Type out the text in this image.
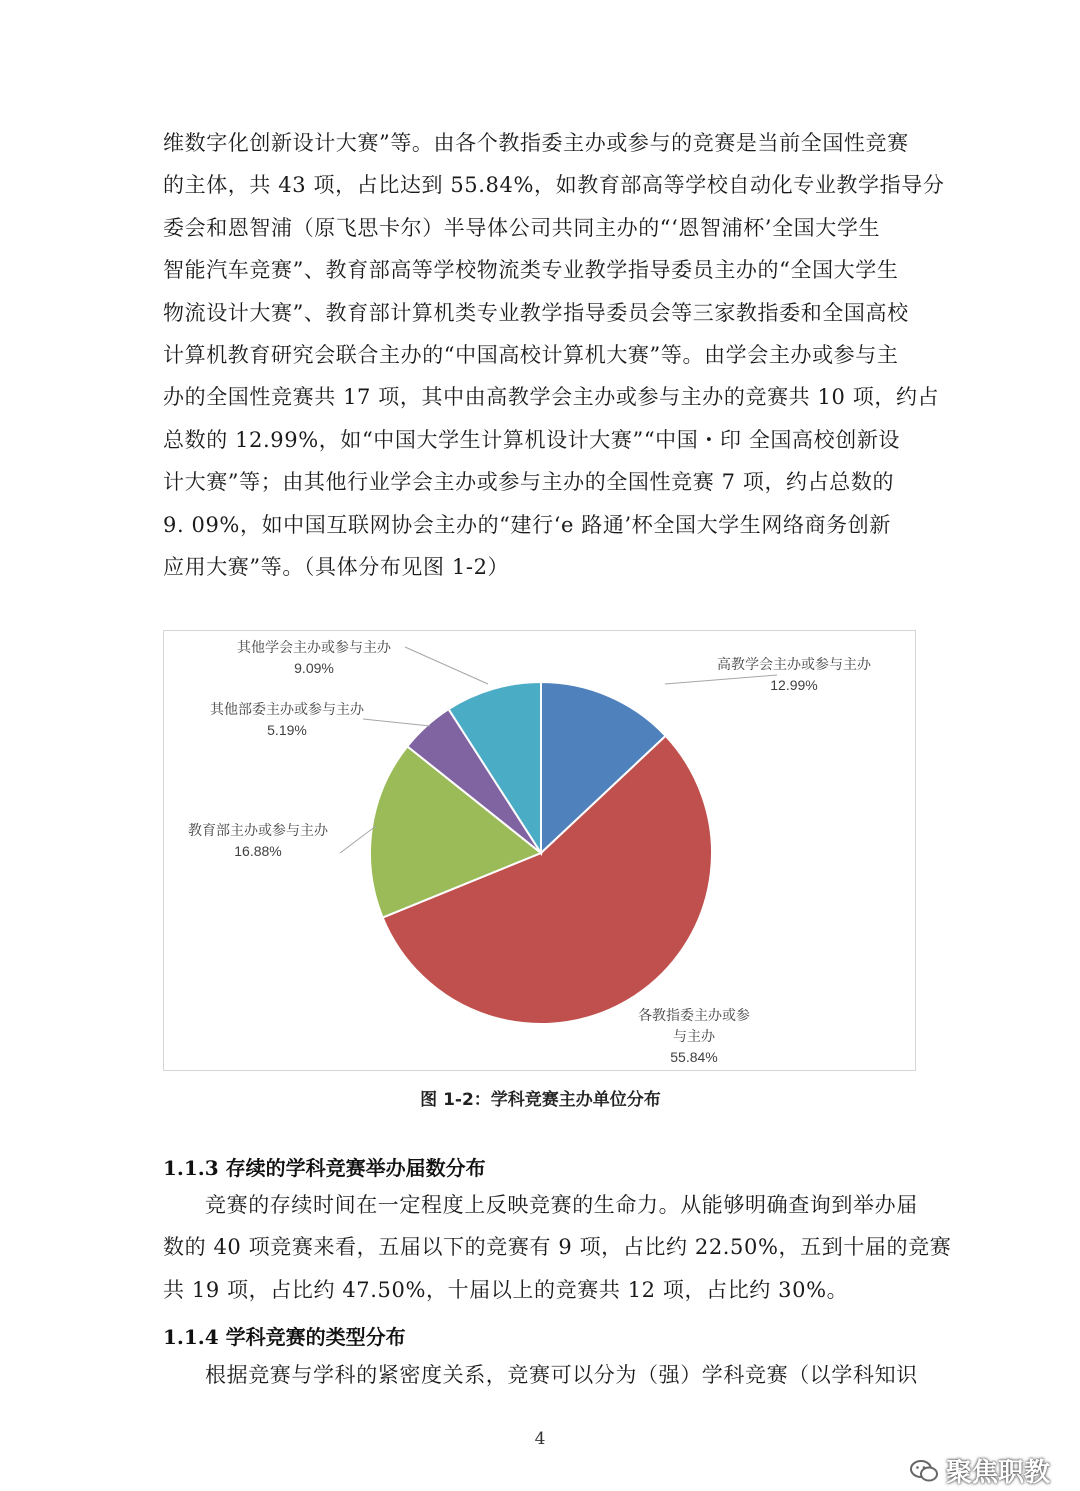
维数字化创新设计大赛”等。由各个教指委主办或参与的竞赛是当前全国性竞赛
的主体，共 43 项，占比达到 55.84%，如教育部高等学校自动化专业教学指导分
委会和恩智浦（原飞思卡尔）半导体公司共同主办的“‘恩智浦杯’全国大学生
智能汽车竞赛”、教育部高等学校物流类专业教学指导委员主办的“全国大学生
物流设计大赛”、教育部计算机类专业教学指导委员会等三家教指委和全国高校
计算机教育研究会联合主办的“中国高校计算机大赛”等。由学会主办或参与主
办的全国性竞赛共 17 项，其中由高教学会主办或参与主办的竞赛共 10 项，约占
总数的 12.99%，如“中国大学生计算机设计大赛”“中国・印 全国高校创新设
计大赛”等；由其他行业学会主办或参与主办的全国性竞赛 7 项，约占总数的
9. 09%，如中国互联网协会主办的“建行‘e 路通’杯全国大学生网络商务创新
应用大赛”等。（具体分布见图 1-2）
高教学会主办或参与主办
12.99%
各教指委主办或参
与主办
55.84%
教育部主办或参与主办
16.88%
其他部委主办或参与主办
5.19%
其他学会主办或参与主办
9.09%
图 1-2：学科竞赛主办单位分布
1.1.3 存续的学科竞赛举办届数分布
竞赛的存续时间在一定程度上反映竞赛的生命力。从能够明确查询到举办届
数的 40 项竞赛来看，五届以下的竞赛有 9 项，占比约 22.50%，五到十届的竞赛
共 19 项，占比约 47.50%，十届以上的竞赛共 12 项，占比约 30%。
1.1.4 学科竞赛的类型分布
根据竞赛与学科的紧密度关系，竞赛可以分为（强）学科竞赛（以学科知识
4
聚焦职教
